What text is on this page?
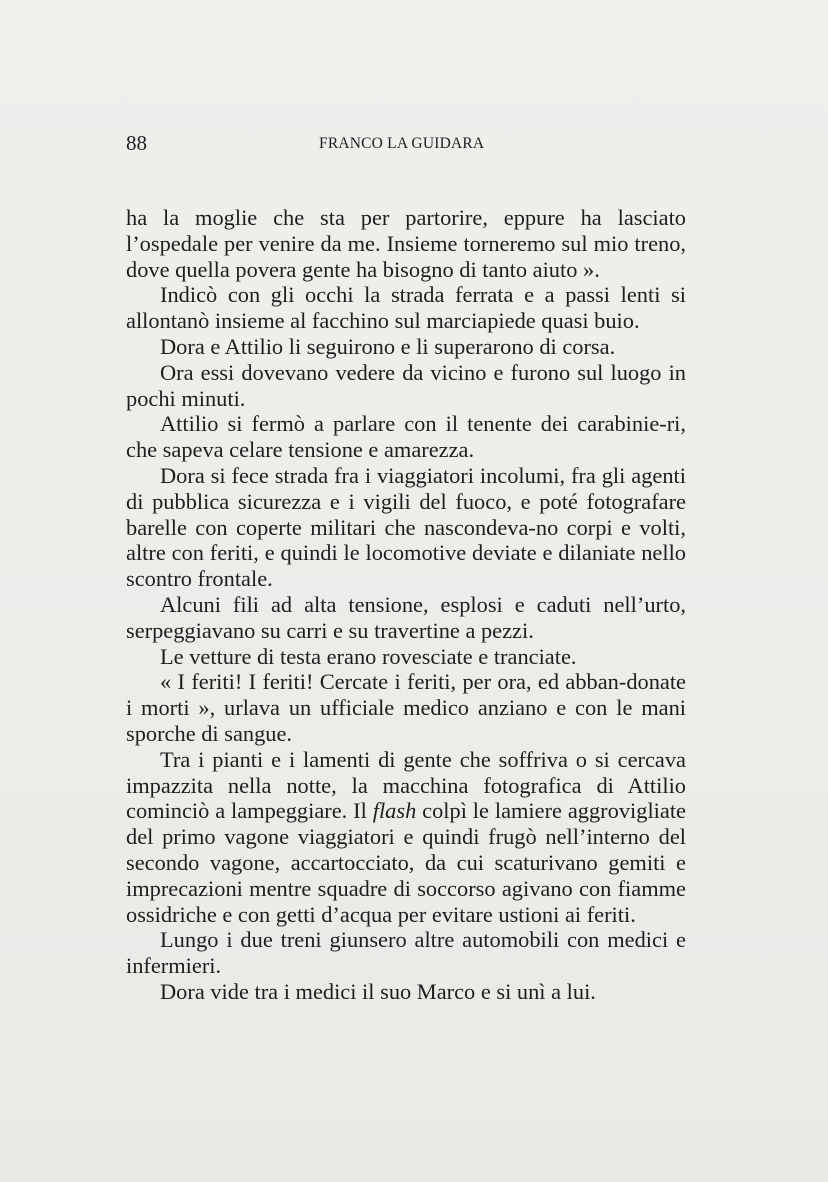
88	FRANCO LA GUIDARA

ha la moglie che sta per partorire, eppure ha lasciato l’ospedale per venire da me. Insieme torneremo sul mio treno, dove quella povera gente ha bisogno di tanto aiuto ».

Indicò con gli occhi la strada ferrata e a passi lenti si allontanò insieme al facchino sul marciapiede quasi buio.

Dora e Attilio li seguirono e li superarono di corsa.

Ora essi dovevano vedere da vicino e furono sul luogo in pochi minuti.

Attilio si fermò a parlare con il tenente dei carabinie-ri, che sapeva celare tensione e amarezza.

Dora si fece strada fra i viaggiatori incolumi, fra gli agenti di pubblica sicurezza e i vigili del fuoco, e poté fotografare barelle con coperte militari che nascondeva-no corpi e volti, altre con feriti, e quindi le locomotive deviate e dilaniate nello scontro frontale.

Alcuni fili ad alta tensione, esplosi e caduti nell’urto, serpeggiavano su carri e su travertine a pezzi.

Le vetture di testa erano rovesciate e tranciate.

« I feriti! I feriti! Cercate i feriti, per ora, ed abban-donate i morti », urlava un ufficiale medico anziano e con le mani sporche di sangue.

Tra i pianti e i lamenti di gente che soffriva o si cercava impazzita nella notte, la macchina fotografica di Attilio cominciò a lampeggiare. Il flash colpì le lamiere aggrovigliate del primo vagone viaggiatori e quindi frugò nell’interno del secondo vagone, accartocciato, da cui scaturivano gemiti e imprecazioni mentre squadre di soccorso agivano con fiamme ossidriche e con getti d’acqua per evitare ustioni ai feriti.

Lungo i due treni giunsero altre automobili con medici e infermieri.

Dora vide tra i medici il suo Marco e si unì a lui.
